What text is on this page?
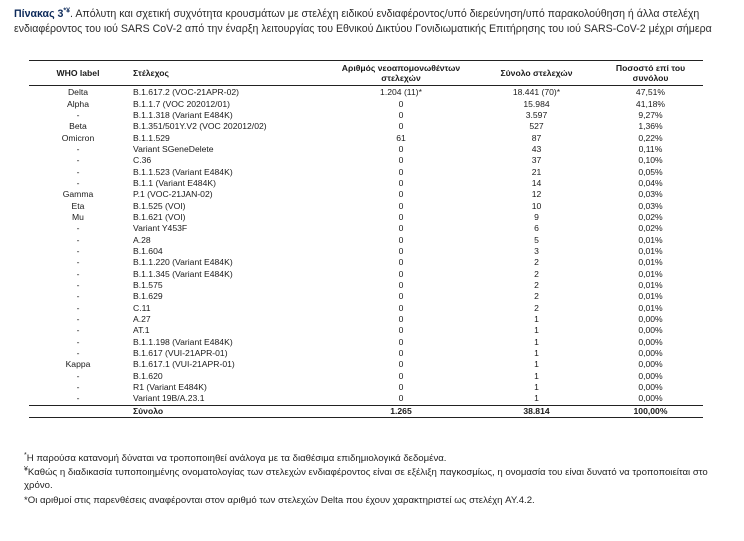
Πίνακας 3*¥. Απόλυτη και σχετική συχνότητα κρουσμάτων με στελέχη ειδικού ενδιαφέροντος/υπό διερεύνηση/υπό παρακολούθηση ή άλλα στελέχη ενδιαφέροντος του ιού SARS CoV-2 από την έναρξη λειτουργίας του Εθνικού Δικτύου Γονιδιωματικής Επιτήρησης του ιού SARS-CoV-2 μέχρι σήμερα
WHO label	Στέλεχος	Αριθμός νεοαπομονωθέντων στελεχών	Σύνολο στελεχών	Ποσοστό επί του συνόλου
Delta	B.1.617.2 (VOC-21APR-02)	1.204 (11)*	18.441 (70)*	47,51%
Alpha	B.1.1.7 (VOC 202012/01)	0	15.984	41,18%
-	B.1.1.318 (Variant E484K)	0	3.597	9,27%
Beta	B.1.351/501Y.V2 (VOC 202012/02)	0	527	1,36%
Omicron	B.1.1.529	61	87	0,22%
-	Variant SGeneDelete	0	43	0,11%
-	C.36	0	37	0,10%
-	B.1.1.523 (Variant E484K)	0	21	0,05%
-	B.1.1 (Variant E484K)	0	14	0,04%
Gamma	P.1 (VOC-21JAN-02)	0	12	0,03%
Eta	B.1.525 (VOI)	0	10	0,03%
Mu	B.1.621 (VOI)	0	9	0,02%
-	Variant Y453F	0	6	0,02%
-	A.28	0	5	0,01%
-	B.1.604	0	3	0,01%
-	B.1.1.220 (Variant E484K)	0	2	0,01%
-	B.1.1.345 (Variant E484K)	0	2	0,01%
-	B.1.575	0	2	0,01%
-	B.1.629	0	2	0,01%
-	C.11	0	2	0,01%
-	A.27	0	1	0,00%
-	AT.1	0	1	0,00%
-	B.1.1.198 (Variant E484K)	0	1	0,00%
-	B.1.617 (VUI-21APR-01)	0	1	0,00%
Kappa	B.1.617.1 (VUI-21APR-01)	0	1	0,00%
-	B.1.620	0	1	0,00%
-	R1 (Variant E484K)	0	1	0,00%
-	Variant 19B/A.23.1	0	1	0,00%
	Σύνολο	1.265	38.814	100,00%

*Η παρούσα κατανομή δύναται να τροποποιηθεί ανάλογα με τα διαθέσιμα επιδημιολογικά δεδομένα.

¥Καθώς η διαδικασία τυποποιημένης ονοματολογίας των στελεχών ενδιαφέροντος είναι σε εξέλιξη παγκοσμίως, η ονομασία του είναι δυνατό να τροποποιείται στο χρόνο.

*Οι αριθμοί στις παρενθέσεις αναφέρονται στον αριθμό των στελεχών Delta που έχουν χαρακτηριστεί ως στελέχη AY.4.2.
